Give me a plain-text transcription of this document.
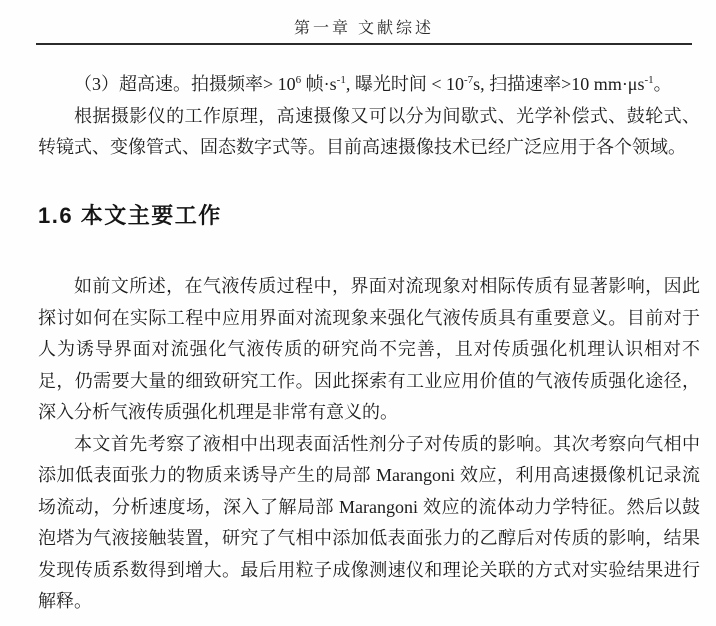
第一章 文献综述

（3）超高速。拍摄频率> $10^6$ 帧$\cdot s^{-1}$, 曝光时间 < $10^{-7}s$, 扫描速率>10 $mm\cdot\mu s^{-1}$。

根据摄影仪的工作原理，高速摄像又可以分为间歇式、光学补偿式、鼓轮式、转镜式、变像管式、固态数字式等。目前高速摄像技术已经广泛应用于各个领域。

1.6 本文主要工作

如前文所述，在气液传质过程中，界面对流现象对相际传质有显著影响，因此探讨如何在实际工程中应用界面对流现象来强化气液传质具有重要意义。目前对于人为诱导界面对流强化气液传质的研究尚不完善，且对传质强化机理认识相对不足，仍需要大量的细致研究工作。因此探索有工业应用价值的气液传质强化途径，深入分析气液传质强化机理是非常有意义的。

本文首先考察了液相中出现表面活性剂分子对传质的影响。其次考察向气相中添加低表面张力的物质来诱导产生的局部 Marangoni 效应，利用高速摄像机记录流场流动，分析速度场，深入了解局部 Marangoni 效应的流体动力学特征。然后以鼓泡塔为气液接触装置，研究了气相中添加低表面张力的乙醇后对传质的影响，结果发现传质系数得到增大。最后用粒子成像测速仪和理论关联的方式对实验结果进行解释。
